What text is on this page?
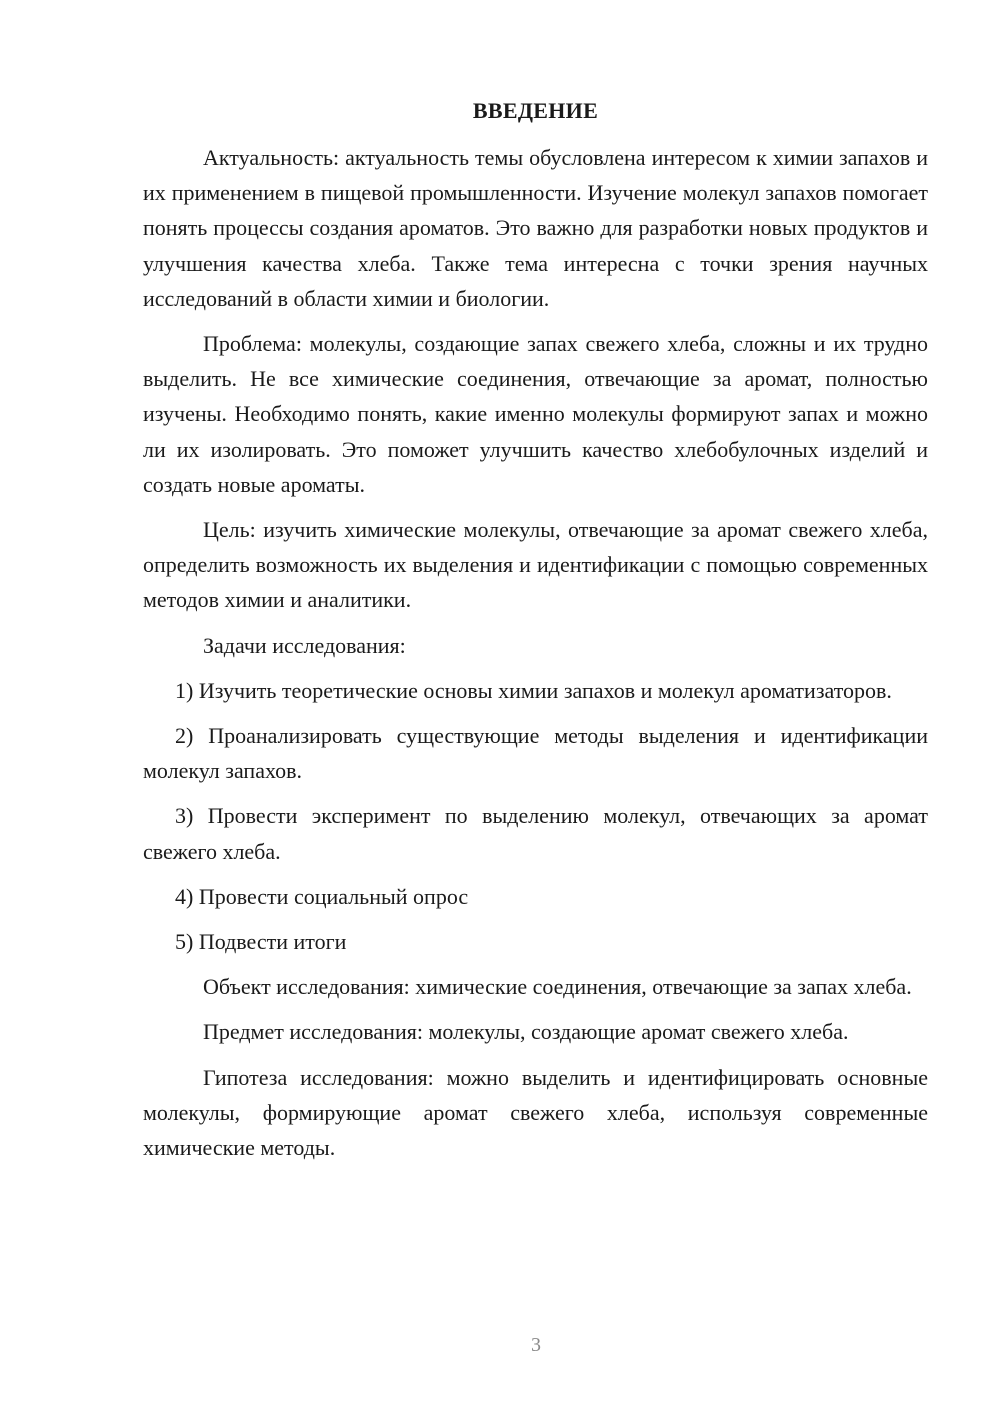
ВВЕДЕНИЕ

Актуальность: актуальность темы обусловлена интересом к химии запахов и их применением в пищевой промышленности. Изучение молекул запахов помогает понять процессы создания ароматов. Это важно для разработки новых продуктов и улучшения качества хлеба. Также тема интересна с точки зрения научных исследований в области химии и биологии.

Проблема: молекулы, создающие запах свежего хлеба, сложны и их трудно выделить. Не все химические соединения, отвечающие за аромат, полностью изучены. Необходимо понять, какие именно молекулы формируют запах и можно ли их изолировать. Это поможет улучшить качество хлебобулочных изделий и создать новые ароматы.

Цель: изучить химические молекулы, отвечающие за аромат свежего хлеба, определить возможность их выделения и идентификации с помощью современных методов химии и аналитики.

Задачи исследования:

1) Изучить теоретические основы химии запахов и молекул ароматизаторов.

2) Проанализировать существующие методы выделения и идентификации молекул запахов.

3) Провести эксперимент по выделению молекул, отвечающих за аромат свежего хлеба.

4) Провести социальный опрос

5) Подвести итоги

Объект исследования: химические соединения, отвечающие за запах хлеба.

Предмет исследования: молекулы, создающие аромат свежего хлеба.

Гипотеза исследования: можно выделить и идентифицировать основные молекулы, формирующие аромат свежего хлеба, используя современные химические методы.

3
